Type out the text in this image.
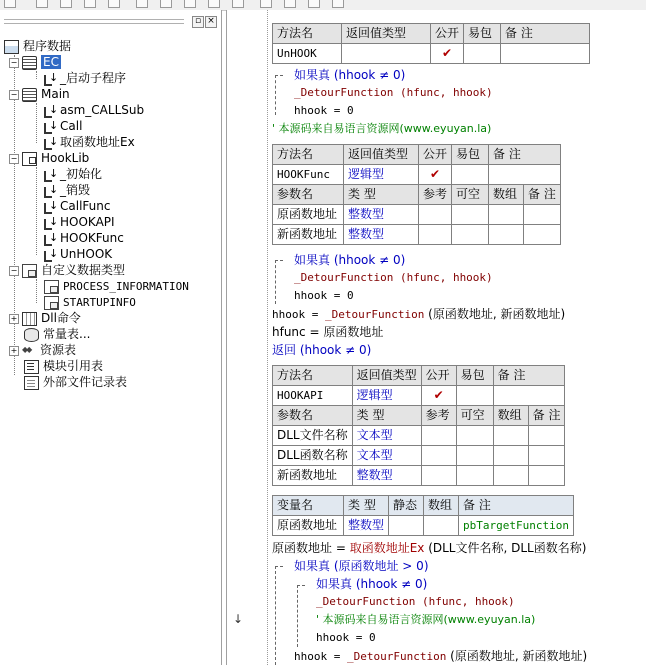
▫ ×
程序数据
− EC
↓_启动子程序
− Main
↓asm_CALLSub
↓Call
↓取函数地址Ex
− HookLib
↓_初始化
↓_销毁
↓CallFunc
↓HOOKAPI
↓HOOKFunc
↓UnHOOK
− 自定义数据类型
PROCESS_INFORMATION
STARTUPINFO
+ Dll命令
常量表...
+ ◆◆ 资源表
模块引用表
外部文件记录表
↓
方法名	返回值类型	公开	易包	备 注
UnHOOK		✔		
如果真 (hhook ≠ 0)
_DetourFunction (hfunc, hhook)
hhook = 0
' 本源码来自易语言资源网(www.eyuyan.la)
方法名	返回值类型	公开	易包	备 注	
HOOKFunc	逻辑型	✔			
参数名	类 型	参考	可空	数组	备 注
原函数地址	整数型				
新函数地址	整数型				
如果真 (hhook ≠ 0)
_DetourFunction (hfunc, hhook)
hhook = 0
hhook = _DetourFunction (原函数地址, 新函数地址)
hfunc = 原函数地址
返回 (hhook ≠ 0)
方法名	返回值类型	公开	易包	备 注	
HOOKAPI	逻辑型	✔			
参数名	类 型	参考	可空	数组	备 注
DLL文件名称	文本型				
DLL函数名称	文本型				
新函数地址	整数型				
变量名	类 型	静态	数组	备 注
原函数地址	整数型			pbTargetFunction
原函数地址 = 取函数地址Ex (DLL文件名称, DLL函数名称)
如果真 (原函数地址 > 0)
如果真 (hhook ≠ 0)
_DetourFunction (hfunc, hhook)
' 本源码来自易语言资源网(www.eyuyan.la)
hhook = 0
hhook = _DetourFunction (原函数地址, 新函数地址)
